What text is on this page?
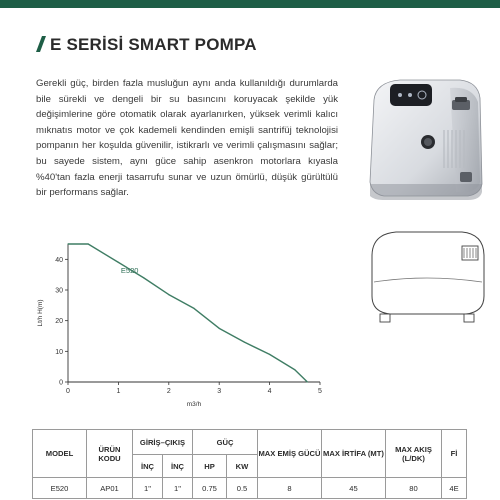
E SERİSİ SMART POMPA
Gerekli güç, birden fazla musluğun aynı anda kullanıldığı durumlarda bile sürekli ve dengeli bir su basıncını koruyacak şekilde yük değişimlerine göre otomatik olarak ayarlanırken, yüksek verimli kalıcı mıknatıs motor ve çok kademeli kendinden emişli santrifüj teknolojisi pompanın her koşulda güvenilir, istikrarlı ve verimli çalışmasını sağlar; bu sayede sistem, aynı güce sahip asenkron motorlara kıyasla %40'tan fazla enerji tasarrufu sunar ve uzun ömürlü, düşük gürültülü bir performans sağlar.
0	1	2	3	4	5
0
10
20
30
40
Lt/h H(m)
m3/h
E520
MODEL	ÜRÜN KODU	GİRİŞ–ÇIKIŞ		GÜÇ		MAX EMİŞ GÜCÜ	MAX İRTİFA (MT)	MAX AKIŞ (L/DK)	Fİ
		İNÇ	İNÇ	HP	KW				
E520	AP01	1"	1"	0.75	0.5	8	45	80	4E
